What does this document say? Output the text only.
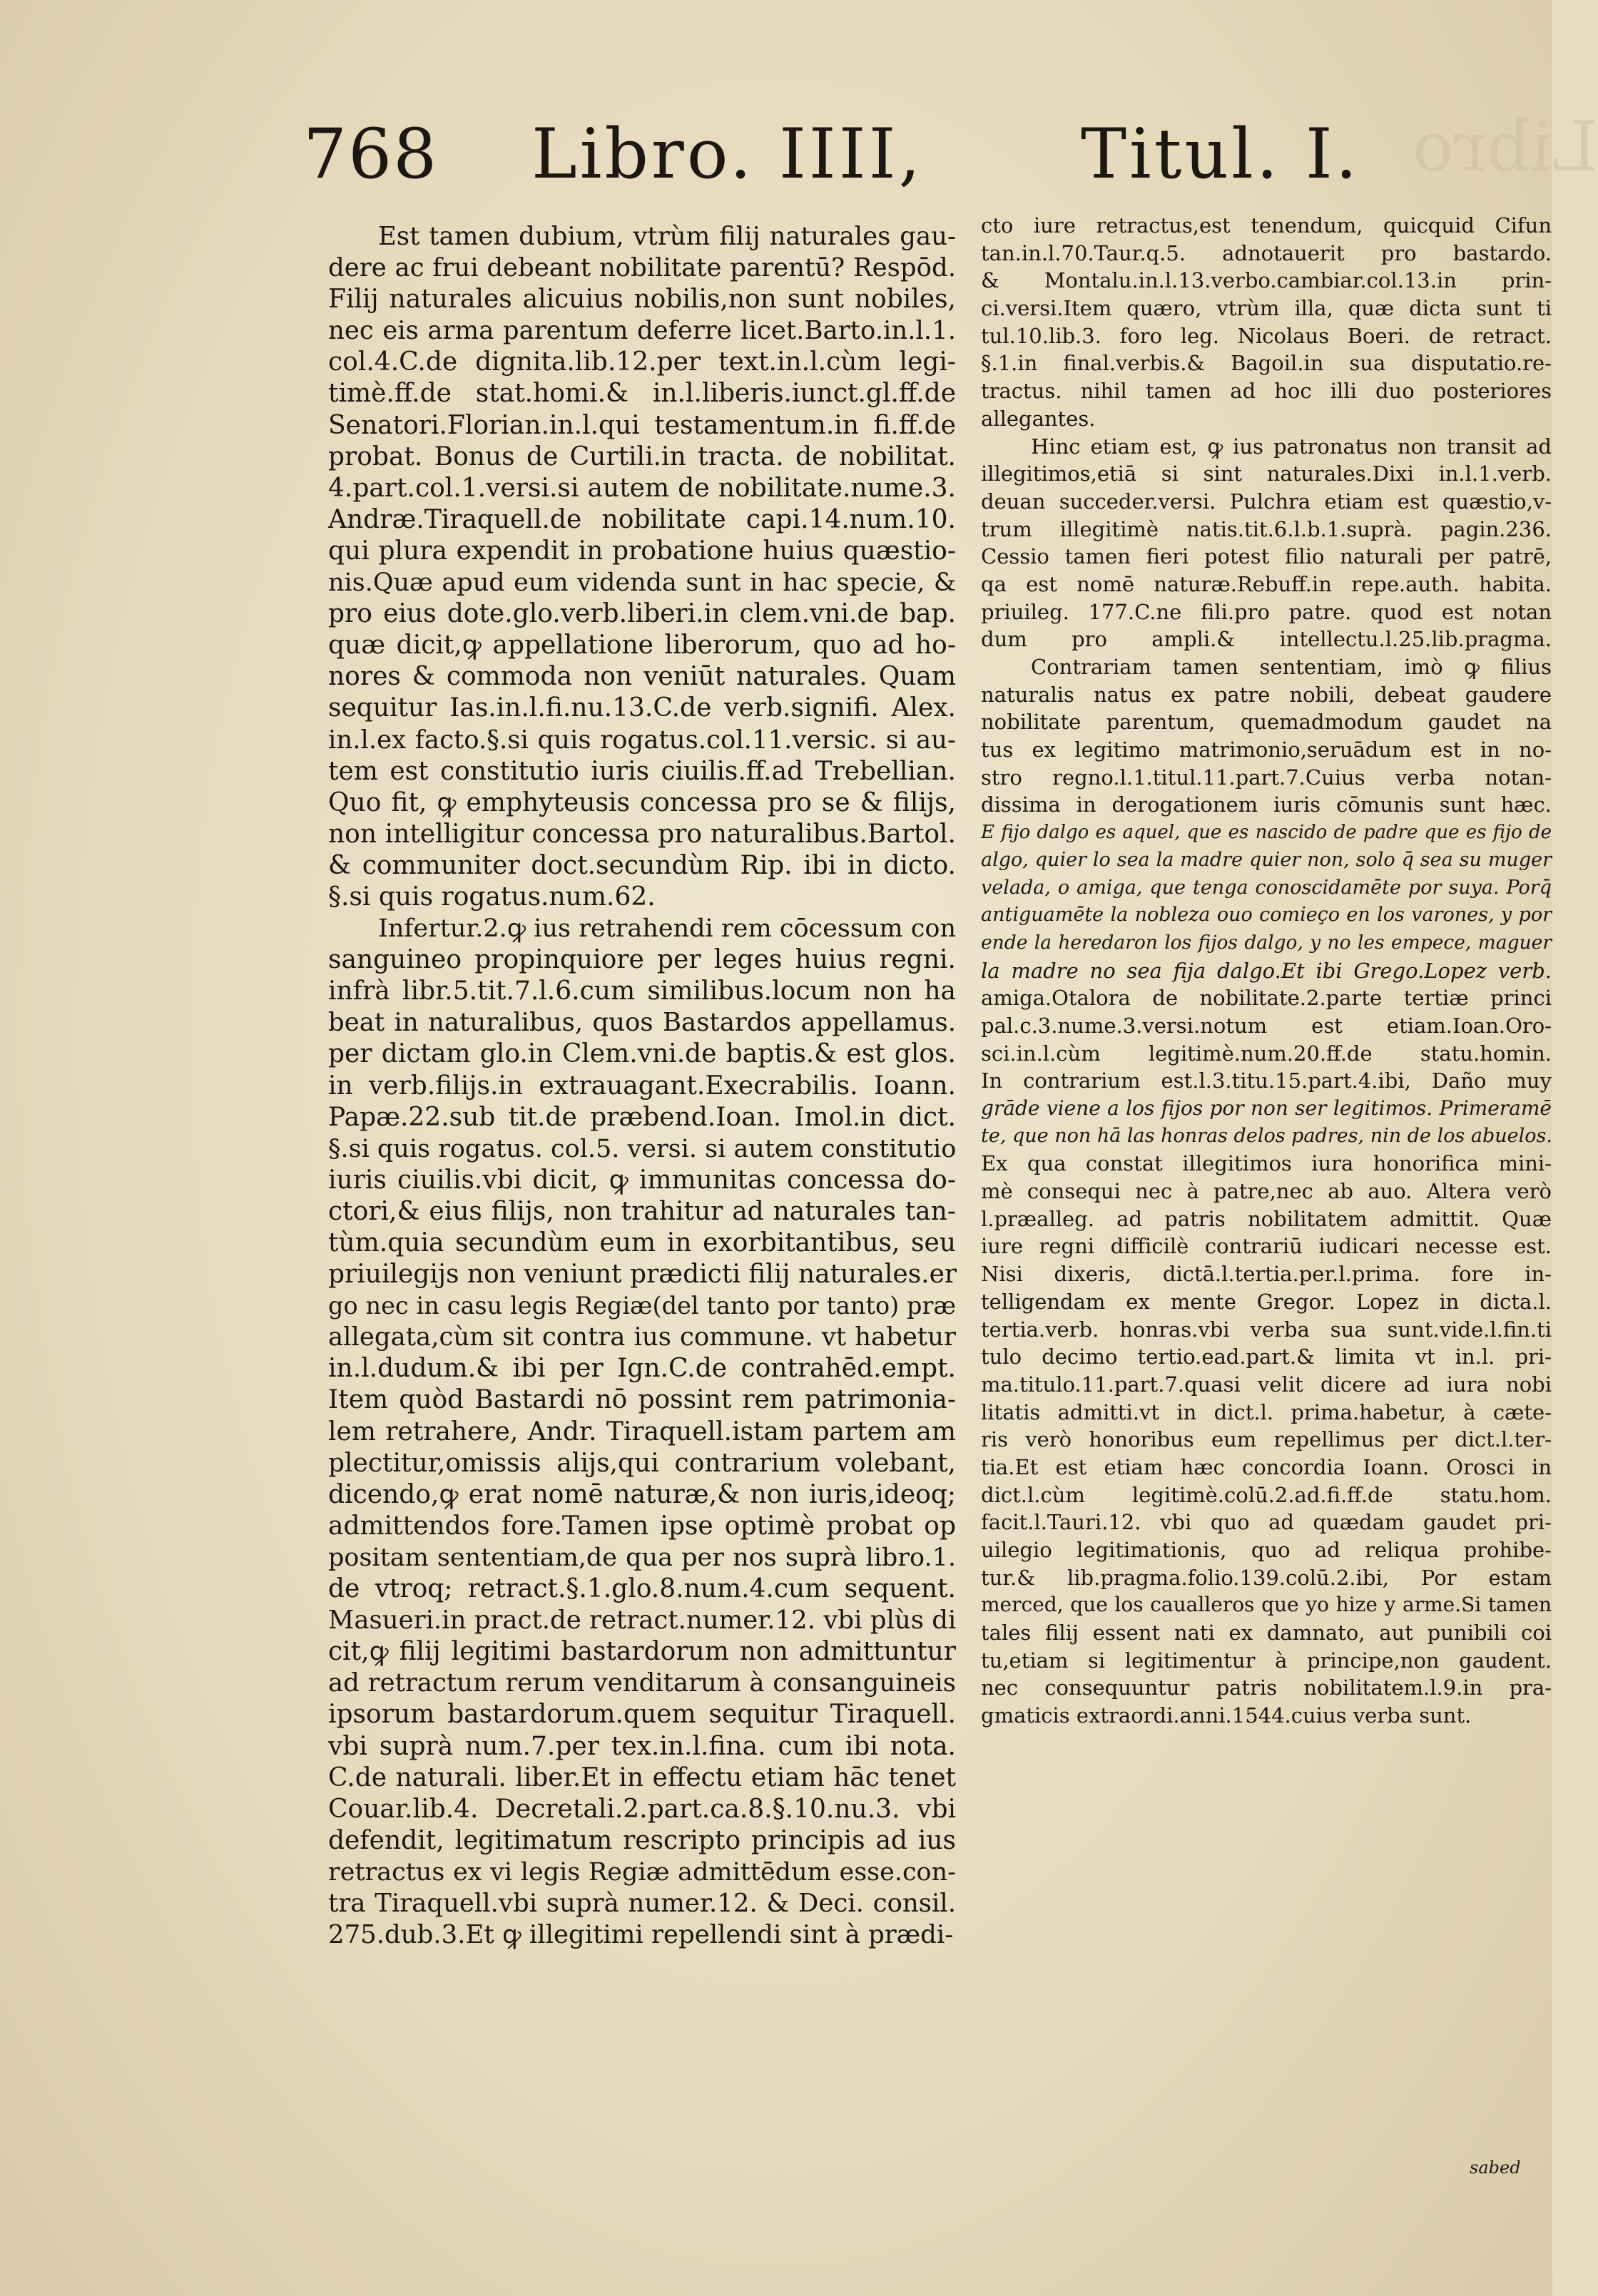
Libro
768 Libro. IIII, Titul. I.
Est tamen dubium, vtrùm filij naturales gau-
dere ac frui debeant nobilitate parentū? Respōd.
Filij naturales alicuius nobilis,non sunt nobiles,
nec eis arma parentum deferre licet.Barto.in.l.1.
col.4.C.de dignita.lib.12.per text.in.l.cùm legi-
timè.ff.de stat.homi.& in.l.liberis.iunct.gl.ff.de
Senatori.Florian.in.l.qui testamentum.in fi.ff.de
probat. Bonus de Curtili.in tracta. de nobilitat.
4.part.col.1.versi.si autem de nobilitate.nume.3.
Andræ.Tiraquell.de nobilitate capi.14.num.10.
qui plura expendit in probatione huius quæstio-
nis.Quæ apud eum videnda sunt in hac specie, &
pro eius dote.glo.verb.liberi.in clem.vni.de bap.
quæ dicit,ꝙ appellatione liberorum, quo ad ho-
nores & commoda non veniūt naturales. Quam
sequitur Ias.in.l.fi.nu.13.C.de verb.signifi. Alex.
in.l.ex facto.§.si quis rogatus.col.11.versic. si au-
tem est constitutio iuris ciuilis.ff.ad Trebellian.
Quo fit, ꝙ emphyteusis concessa pro se & filijs,
non intelligitur concessa pro naturalibus.Bartol.
& communiter doct.secundùm Rip. ibi in dicto.
§.si quis rogatus.num.62.
Infertur.2.ꝙ ius retrahendi rem cōcessum con
sanguineo propinquiore per leges huius regni.
infrà libr.5.tit.7.l.6.cum similibus.locum non ha
beat in naturalibus, quos Bastardos appellamus.
per dictam glo.in Clem.vni.de baptis.& est glos.
in verb.filijs.in extrauagant.Execrabilis. Ioann.
Papæ.22.sub tit.de præbend.Ioan. Imol.in dict.
§.si quis rogatus. col.5. versi. si autem constitutio
iuris ciuilis.vbi dicit, ꝙ immunitas concessa do-
ctori,& eius filijs, non trahitur ad naturales tan-
tùm.quia secundùm eum in exorbitantibus, seu
priuilegijs non veniunt prædicti filij naturales.er
go nec in casu legis Regiæ(del tanto por tanto) præ
allegata,cùm sit contra ius commune. vt habetur
in.l.dudum.& ibi per Ign.C.de contrahēd.empt.
Item quòd Bastardi nō possint rem patrimonia-
lem retrahere, Andr. Tiraquell.istam partem am
plectitur,omissis alijs,qui contrarium volebant,
dicendo,ꝙ erat nomē naturæ,& non iuris,ideoq;
admittendos fore.Tamen ipse optimè probat op
positam sententiam,de qua per nos suprà libro.1.
de vtroq; retract.§.1.glo.8.num.4.cum sequent.
Masueri.in pract.de retract.numer.12. vbi plùs di
cit,ꝙ filij legitimi bastardorum non admittuntur
ad retractum rerum venditarum à consanguineis
ipsorum bastardorum.quem sequitur Tiraquell.
vbi suprà num.7.per tex.in.l.fina. cum ibi nota.
C.de naturali. liber.Et in effectu etiam hāc tenet
Couar.lib.4. Decretali.2.part.ca.8.§.10.nu.3. vbi
defendit, legitimatum rescripto principis ad ius
retractus ex vi legis Regiæ admittēdum esse.con-
tra Tiraquell.vbi suprà numer.12. & Deci. consil.
275.dub.3.Et ꝙ illegitimi repellendi sint à prædi-
cto iure retractus,est tenendum, quicquid Cifun
tan.in.l.70.Taur.q.5. adnotauerit pro bastardo.
& Montalu.in.l.13.verbo.cambiar.col.13.in prin-
ci.versi.Item quæro, vtrùm illa, quæ dicta sunt ti
tul.10.lib.3. foro leg. Nicolaus Boeri. de retract.
§.1.in final.verbis.& Bagoil.in sua disputatio.re-
tractus. nihil tamen ad hoc illi duo posteriores
allegantes.
Hinc etiam est, ꝙ ius patronatus non transit ad
illegitimos,etiā si sint naturales.Dixi in.l.1.verb.
deuan succeder.versi. Pulchra etiam est quæstio,v-
trum illegitimè natis.tit.6.l.b.1.suprà. pagin.236.
Cessio tamen fieri potest filio naturali per patrē,
qa est nomē naturæ.Rebuff.in repe.auth. habita.
priuileg. 177.C.ne fili.pro patre. quod est notan
dum pro ampli.& intellectu.l.25.lib.pragma.
Contrariam tamen sententiam, imò ꝙ filius
naturalis natus ex patre nobili, debeat gaudere
nobilitate parentum, quemadmodum gaudet na
tus ex legitimo matrimonio,seruādum est in no-
stro regno.l.1.titul.11.part.7.Cuius verba notan-
dissima in derogationem iuris cōmunis sunt hæc.
E fijo dalgo es aquel, que es nascido de padre que es fijo de
algo, quier lo sea la madre quier non, solo q̄ sea su muger
velada, o amiga, que tenga conoscidamēte por suya. Porq̄
antiguamēte la nobleza ouo comieço en los varones, y por
ende la heredaron los fijos dalgo, y no les empece, maguer
la madre no sea fija dalgo.Et ibi Grego.Lopez verb.
amiga.Otalora de nobilitate.2.parte tertiæ princi
pal.c.3.nume.3.versi.notum est etiam.Ioan.Oro-
sci.in.l.cùm legitimè.num.20.ff.de statu.homin.
In contrarium est.l.3.titu.15.part.4.ibi, Daño muy
grāde viene a los fijos por non ser legitimos. Primeramē
te, que non hā las honras delos padres, nin de los abuelos.
Ex qua constat illegitimos iura honorifica mini-
mè consequi nec à patre,nec ab auo. Altera verò
l.præalleg. ad patris nobilitatem admittit. Quæ
iure regni difficilè contrariū iudicari necesse est.
Nisi dixeris, dictā.l.tertia.per.l.prima. fore in-
telligendam ex mente Gregor. Lopez in dicta.l.
tertia.verb. honras.vbi verba sua sunt.vide.l.fin.ti
tulo decimo tertio.ead.part.& limita vt in.l. pri-
ma.titulo.11.part.7.quasi velit dicere ad iura nobi
litatis admitti.vt in dict.l. prima.habetur, à cæte-
ris verò honoribus eum repellimus per dict.l.ter-
tia.Et est etiam hæc concordia Ioann. Orosci in
dict.l.cùm legitimè.colū.2.ad.fi.ff.de statu.hom.
facit.l.Tauri.12. vbi quo ad quædam gaudet pri-
uilegio legitimationis, quo ad reliqua prohibe-
tur.& lib.pragma.folio.139.colū.2.ibi, Por estam
merced, que los caualleros que yo hize y arme.Si tamen
tales filij essent nati ex damnato, aut punibili coi
tu,etiam si legitimentur à principe,non gaudent.
nec consequuntur patris nobilitatem.l.9.in pra-
gmaticis extraordi.anni.1544.cuius verba sunt.
sabed
